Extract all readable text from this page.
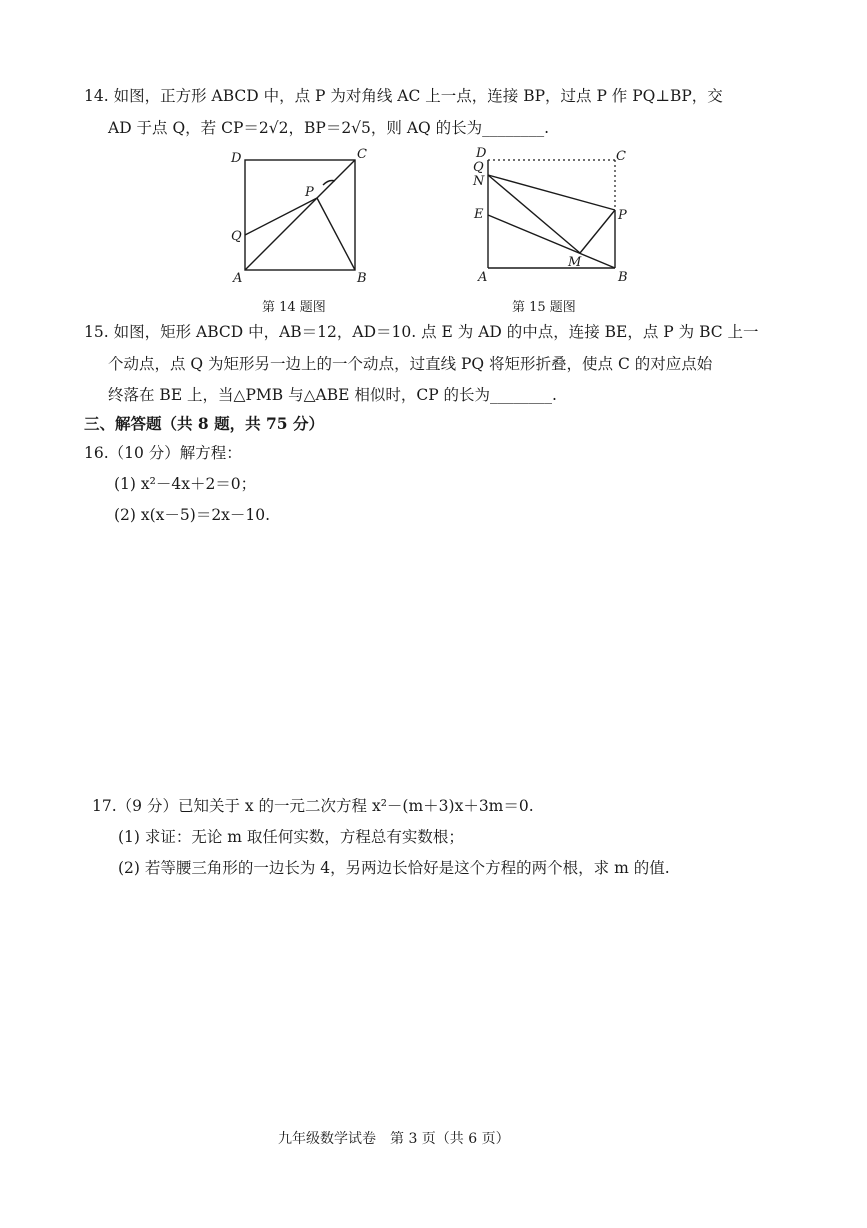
14. 如图，正方形 ABCD 中，点 P 为对角线 AC 上一点，连接 BP，过点 P 作 PQ⊥BP，交
AD 于点 Q，若 CP＝2√2，BP＝2√5，则 AQ 的长为________.
D	C
P
Q
A	B
第 14 题图
D	C
Q
N
E	P
M
A	B
第 15 题图
15. 如图，矩形 ABCD 中，AB＝12，AD＝10. 点 E 为 AD 的中点，连接 BE，点 P 为 BC 上一
个动点，点 Q 为矩形另一边上的一个动点，过直线 PQ 将矩形折叠，使点 C 的对应点始
终落在 BE 上，当△PMB 与△ABE 相似时，CP 的长为________.
三、解答题（共 8 题，共 75 分）
16.（10 分）解方程：
(1) x²－4x＋2＝0；
(2) x(x－5)＝2x－10.
17.（9 分）已知关于 x 的一元二次方程 x²－(m＋3)x＋3m＝0.
(1) 求证：无论 m 取任何实数，方程总有实数根；
(2) 若等腰三角形的一边长为 4，另两边长恰好是这个方程的两个根，求 m 的值.
九年级数学试卷　第 3 页（共 6 页）
